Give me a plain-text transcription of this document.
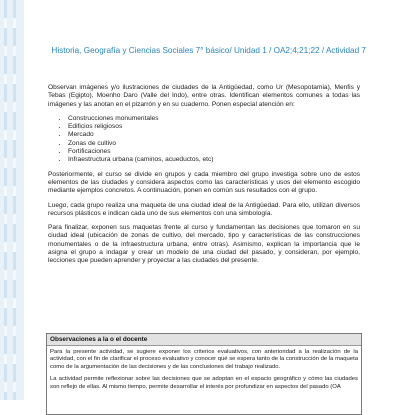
Historia, Geografía y Ciencias Sociales 7° básico/ Unidad 1 / OA2;4;21;22 / Actividad 7

Observan imágenes y/o ilustraciones de ciudades de la Antigüedad, como Ur (Mesopotamia), Menfis y Tebas (Egipto), Moenho Daro (Valle del Indo), entre otras. Identifican elementos comunes a todas las imágenes y las anotan en el pizarrón y en su cuaderno. Ponen especial atención en:

• Construcciones monumentales
• Edificios religiosos
• Mercado
• Zonas de cultivo
• Fortificaciones
• Infraestructura urbana (caminos, acueductos, etc)

Posteriormente, el curso se divide en grupos y cada miembro del grupo investiga sobre uno de estos elementos de las ciudades y considera aspectos como las características y usos del elemento escogido mediante ejemplos concretos. A continuación, ponen en común sus resultados con el grupo.

Luego, cada grupo realiza una maqueta de una ciudad ideal de la Antigüedad. Para ello, utilizan diversos recursos plásticos e indican cada uno de sus elementos con una simbología.

Para finalizar, exponen sus maquetas frente al curso y fundamentan las decisiones que tomaron en su ciudad ideal (ubicación de zonas de cultivo, del mercado, tipo y características de las construcciones monumentales o de la infraestructura urbana, entre otras). Asimismo, explican la importancia que le asigna el grupo a indagar y crear un modelo de una ciudad del pasado, y consideran, por ejemplo, lecciones que pueden aprender y proyectar a las ciudades del presente.

Observaciones a la o el docente

Para la presente actividad, se sugiere exponer los criterios evaluativos, con anterioridad a la realización de la actividad, con el fin de clarificar el proceso evaluativo y conocer qué se espera tanto de la construcción de la maqueta como de la argumentación de las decisiones y de las conclusiones del trabajo realizado.

La actividad permite reflexionar sobre las decisiones que se adoptan en el espacio geográfico y cómo las ciudades son reflejo de ellas. Al mismo tiempo, permite desarrollar el interés por profundizar en aspectos del pasado (OA
